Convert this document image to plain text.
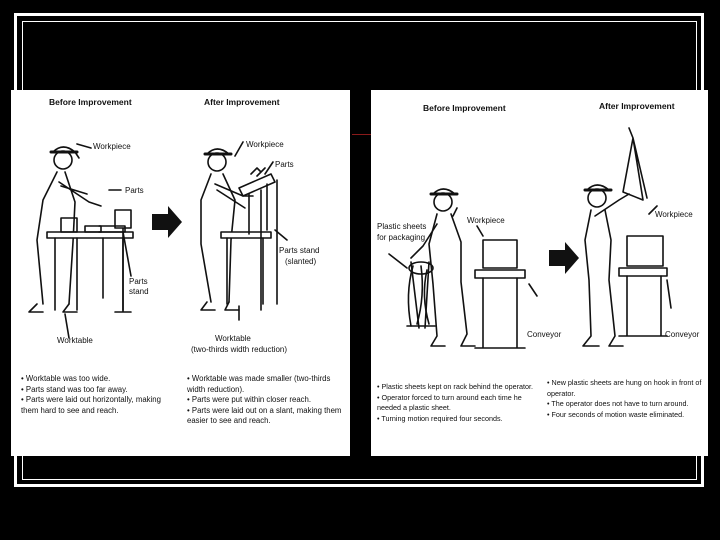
Before Improvement	After Improvement
Workpiece
Parts
Parts
stand
Worktable
Workpiece
Parts
Parts stand
(slanted)
Worktable
(two-thirds width reduction)
• Worktable was too wide.
• Parts stand was too far away.
• Parts were laid out horizontally, making
them hard to see and reach.
• Worktable was made smaller (two-thirds
width reduction).
• Parts were put within closer reach.
• Parts were laid out on a slant, making them
easier to see and reach.
Before Improvement	After Improvement
Plastic sheets
for packaging
Workpiece
Conveyor
Workpiece
Conveyor
• Plastic sheets kept on rack behind the operator.
• Operator forced to turn around each time he
needed a plastic sheet.
• Turning motion required four seconds.
• New plastic sheets are hung on hook in front of
operator.
• The operator does not have to turn around.
• Four seconds of motion waste eliminated.
